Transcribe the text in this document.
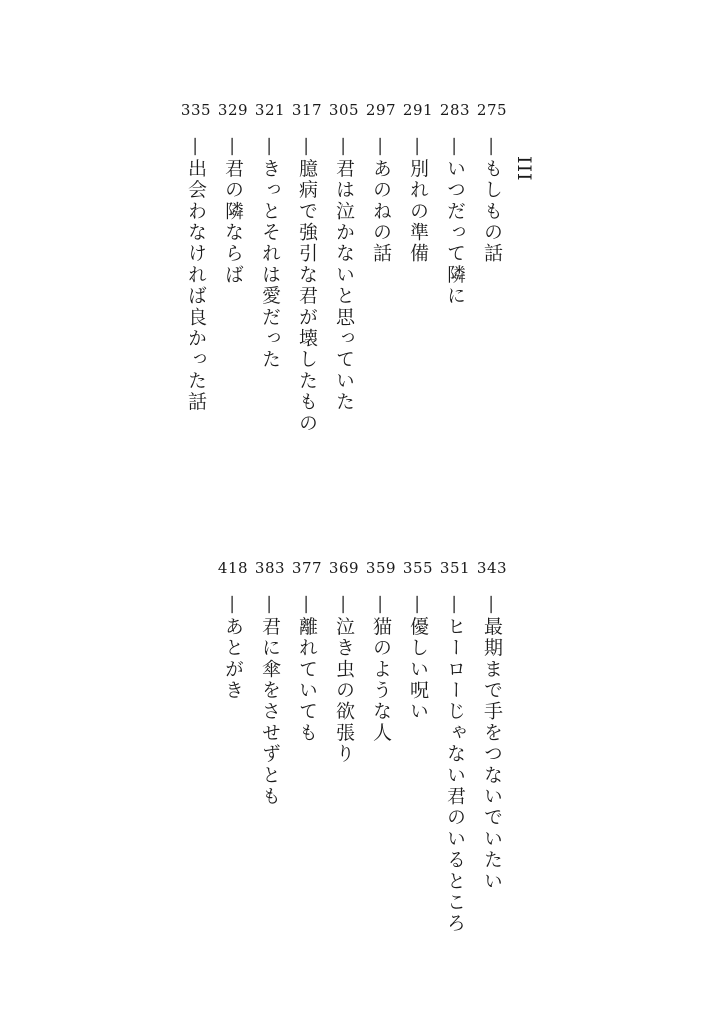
III
275
—もしもの話
283
—いつだって隣に
291
—別れの準備
297
—あのねの話
305
—君は泣かないと思っていた
317
—臆病で強引な君が壊したもの
321
—きっとそれは愛だった
329
—君の隣ならば
335
—出会わなければ良かった話
343
—最期まで手をつないでいたい
351
—ヒーローじゃない君のいるところ
355
—優しい呪い
359
—猫のような人
369
—泣き虫の欲張り
377
—離れていても
383
—君に傘をさせずとも
418
—あとがき
